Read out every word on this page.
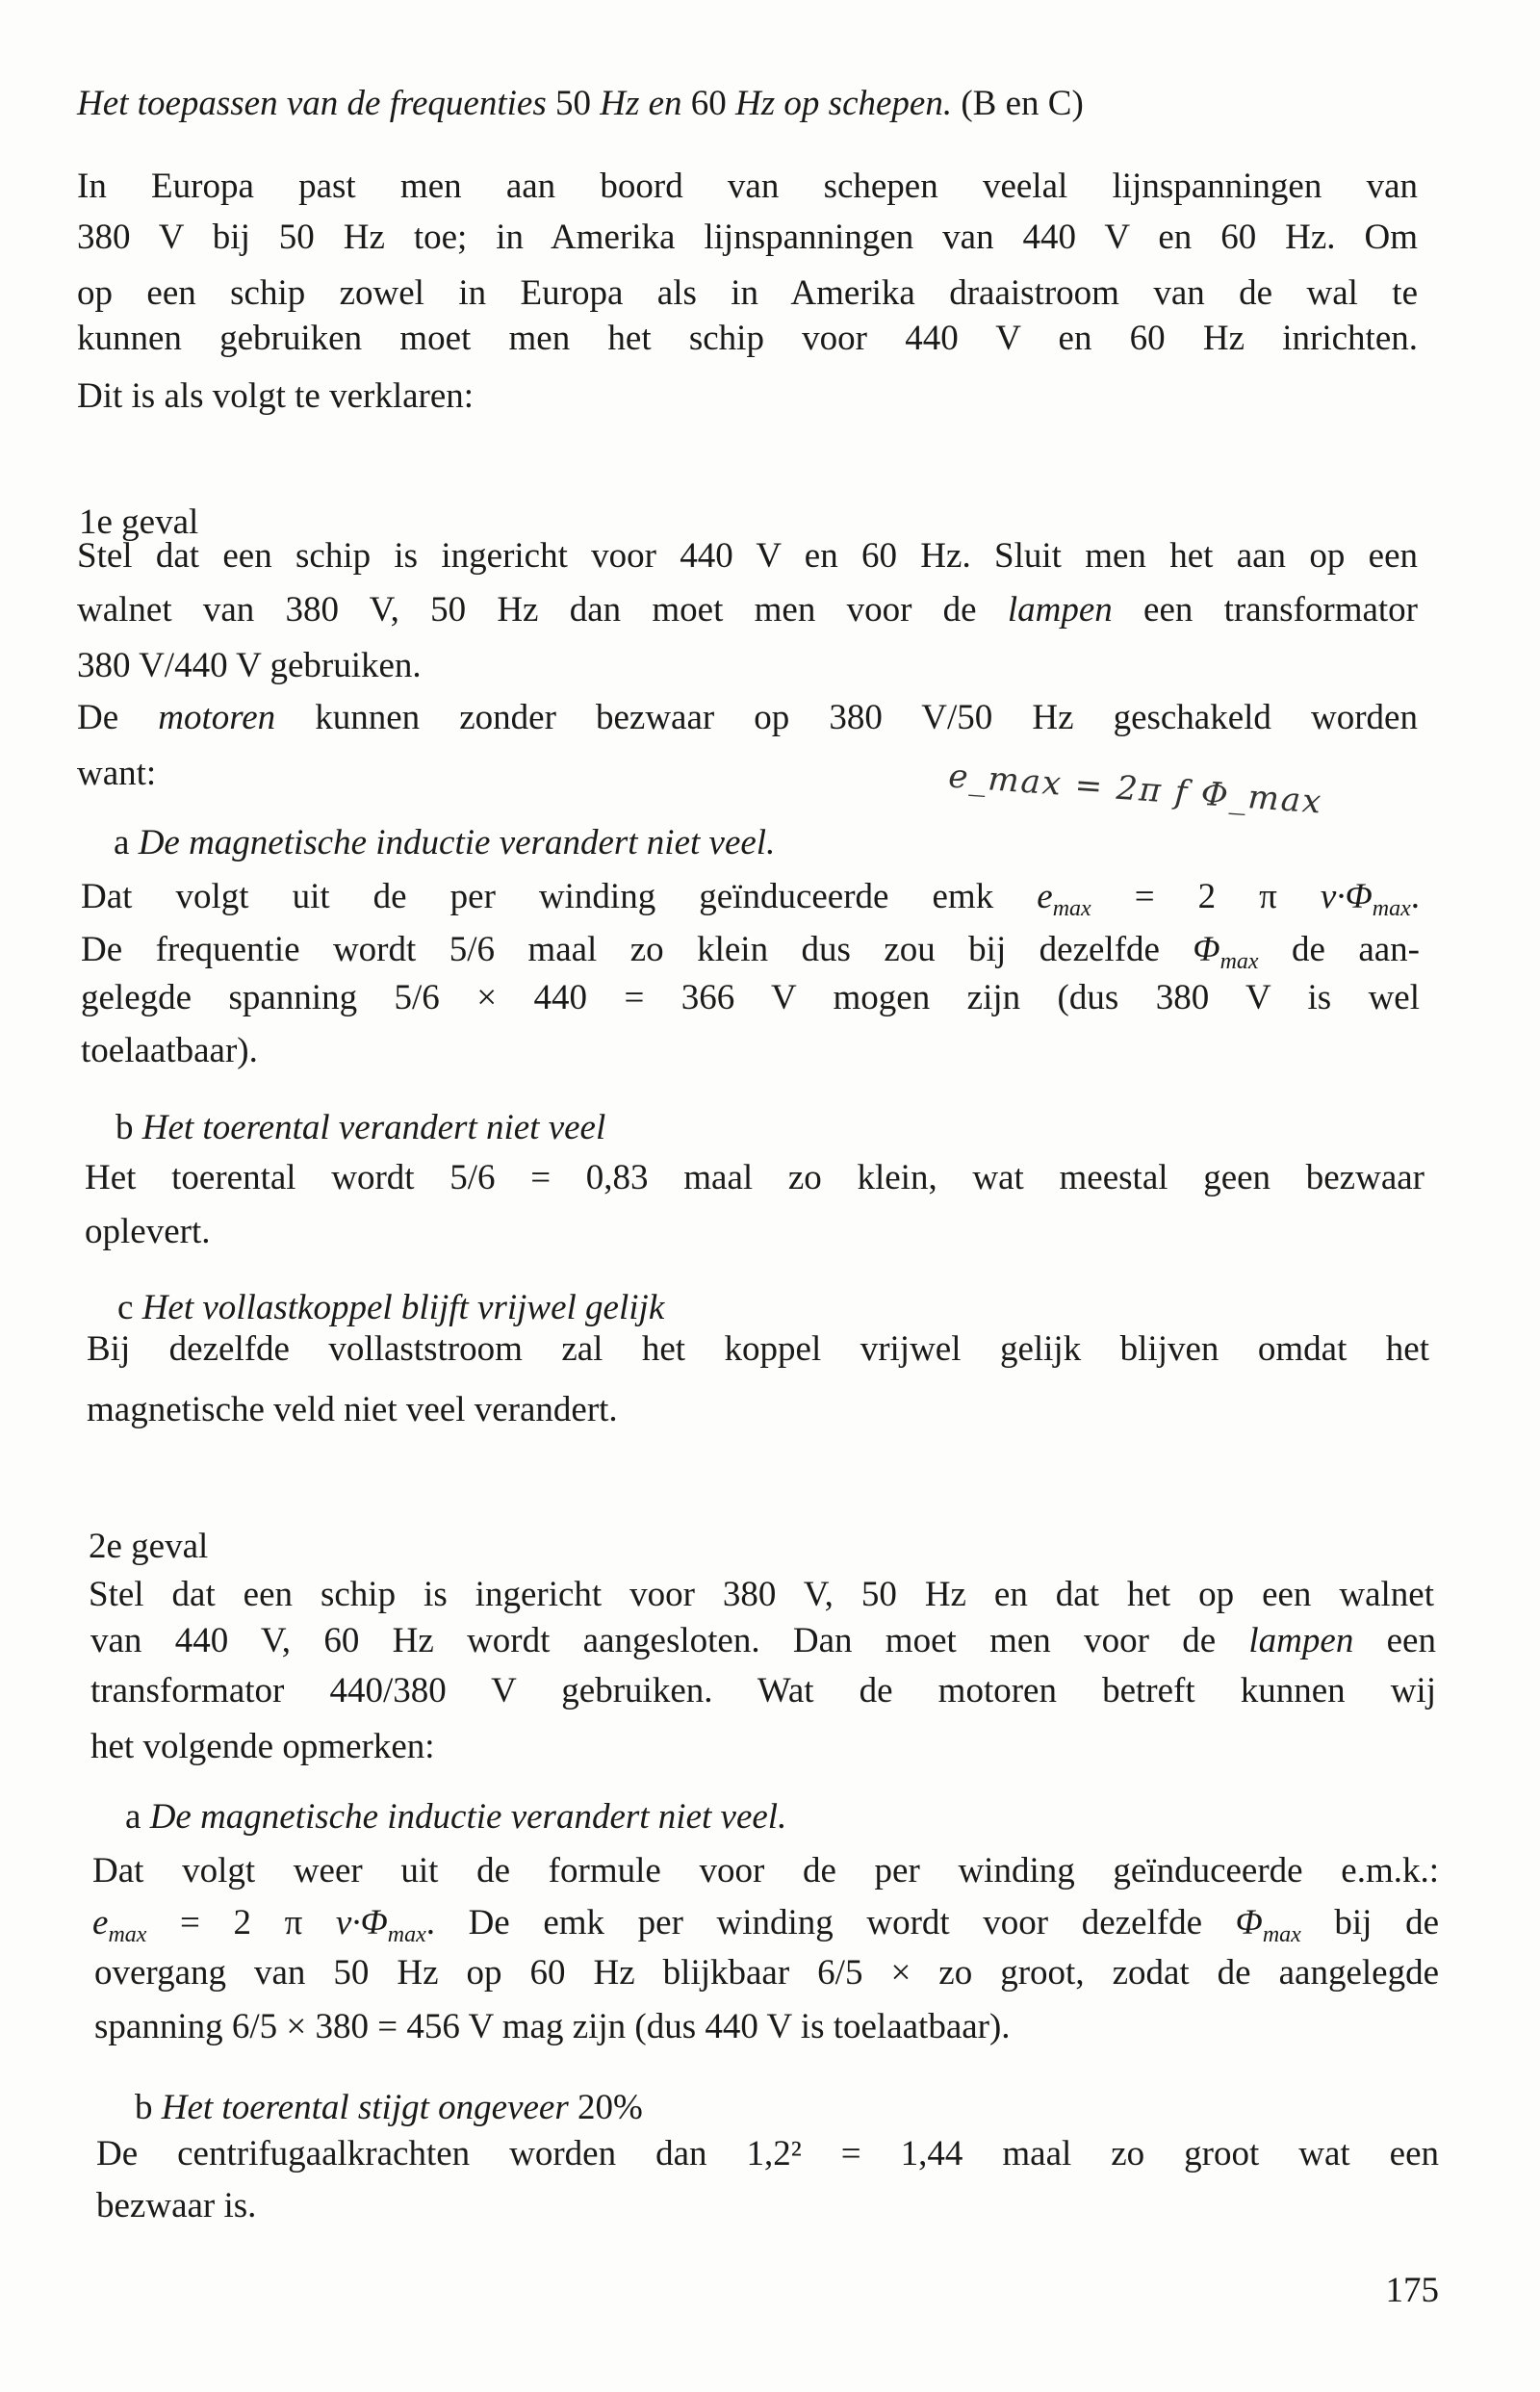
Het toepassen van de frequenties 50 Hz en 60 Hz op schepen. (B en C)
In Europa past men aan boord van schepen veelal lijnspanningen van
380 V bij 50 Hz toe; in Amerika lijnspanningen van 440 V en 60 Hz. Om
op een schip zowel in Europa als in Amerika draaistroom van de wal te
kunnen gebruiken moet men het schip voor 440 V en 60 Hz inrichten.
Dit is als volgt te verklaren:
1e geval
Stel dat een schip is ingericht voor 440 V en 60 Hz. Sluit men het aan op een
walnet van 380 V, 50 Hz dan moet men voor de lampen een transformator
380 V/440 V gebruiken.
De motoren kunnen zonder bezwaar op 380 V/50 Hz geschakeld worden
want:
a De magnetische inductie verandert niet veel.
Dat volgt uit de per winding geïnduceerde emk $e_{max} = 2$ π $\nu\cdot\Phi_{max}$.
De frequentie wordt 5/6 maal zo klein dus zou bij dezelfde $\Phi_{max}$ de aan-
gelegde spanning 5/6 × 440 = 366 V mogen zijn (dus 380 V is wel
toelaatbaar).
b Het toerental verandert niet veel
Het toerental wordt 5/6 = 0,83 maal zo klein, wat meestal geen bezwaar
oplevert.
c Het vollastkoppel blijft vrijwel gelijk
Bij dezelfde vollaststroom zal het koppel vrijwel gelijk blijven omdat het
magnetische veld niet veel verandert.
2e geval
Stel dat een schip is ingericht voor 380 V, 50 Hz en dat het op een walnet
van 440 V, 60 Hz wordt aangesloten. Dan moet men voor de lampen een
transformator 440/380 V gebruiken. Wat de motoren betreft kunnen wij
het volgende opmerken:
a De magnetische inductie verandert niet veel.
Dat volgt weer uit de formule voor de per winding geïnduceerde e.m.k.:
$e_{max} = 2$ π $\nu\cdot\Phi_{max}$. De emk per winding wordt voor dezelfde $\Phi_{max}$ bij de
overgang van 50 Hz op 60 Hz blijkbaar 6/5 × zo groot, zodat de aangelegde
spanning 6/5 × 380 = 456 V mag zijn (dus 440 V is toelaatbaar).
b Het toerental stijgt ongeveer 20%
De centrifugaalkrachten worden dan 1,2² = 1,44 maal zo groot wat een
bezwaar is.
e_max = 2π f Φ_max
175
